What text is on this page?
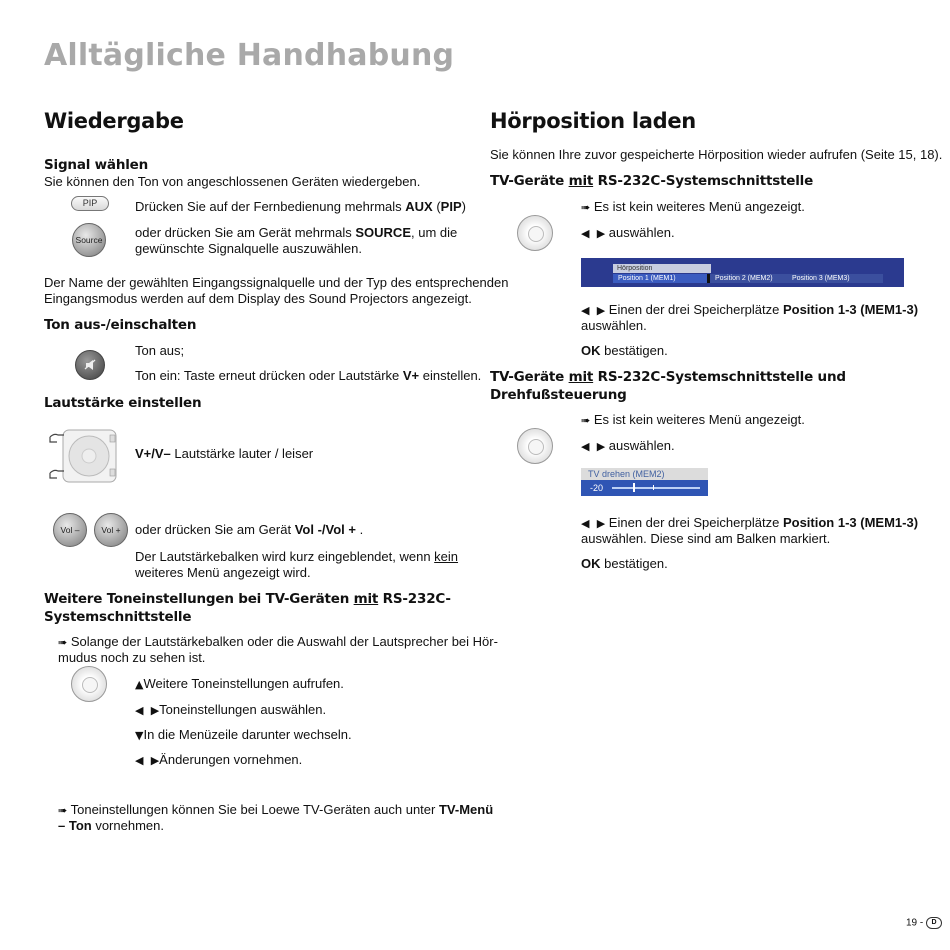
Alltägliche Handhabung
Wiedergabe
Signal wählen
Sie können den Ton von angeschlossenen Geräten wiedergeben.
PIP	Drücken Sie auf der Fernbedienung mehrmals AUX (PIP)
Source	oder drücken Sie am Gerät mehrmals SOURCE, um die
gewünschte Signalquelle auszuwählen.
Der Name der gewählten Eingangssignalquelle und der Typ des entsprechenden
Eingangsmodus werden auf dem Display des Sound Projectors angezeigt.
Ton aus-/einschalten
Ton aus;
Ton ein: Taste erneut drücken oder Lautstärke V+ einstellen.
Lautstärke einstellen
V+/V– Lautstärke lauter / leiser
Vol –	Vol +	oder drücken Sie am Gerät Vol -/Vol + .
Der Lautstärkebalken wird kurz eingeblendet, wenn kein
weiteres Menü angezeigt wird.
Weitere Toneinstellungen bei TV-Geräten mit RS-232C-
Systemschnittstelle
➠ Solange der Lautstärkebalken oder die Auswahl der Lautsprecher bei Hör-
mudus noch zu sehen ist.
▲Weitere Toneinstellungen aufrufen.
◀ ▶Toneinstellungen auswählen.
▼In die Menüzeile darunter wechseln.
◀ ▶Änderungen vornehmen.
➠ Toneinstellungen können Sie bei Loewe TV-Geräten auch unter TV-Menü
– Ton vornehmen.
Hörposition laden
Sie können Ihre zuvor gespeicherte Hörposition wieder aufrufen (Seite 15, 18).
TV-Geräte mit RS-232C-Systemschnittstelle
➠ Es ist kein weiteres Menü angezeigt.
◀ ▶ auswählen.
Hörposition
Position 1 (MEM1)	Position 2 (MEM2)	Position 3 (MEM3)
◀ ▶ Einen der drei Speicherplätze Position 1-3 (MEM1-3)
auswählen.
OK bestätigen.
TV-Geräte mit RS-232C-Systemschnittstelle und
Drehfußsteuerung
➠ Es ist kein weiteres Menü angezeigt.
◀ ▶ auswählen.
TV drehen (MEM2)
-20
◀ ▶ Einen der drei Speicherplätze Position 1-3 (MEM1-3)
auswählen. Diese sind am Balken markiert.
OK bestätigen.
19 - D
